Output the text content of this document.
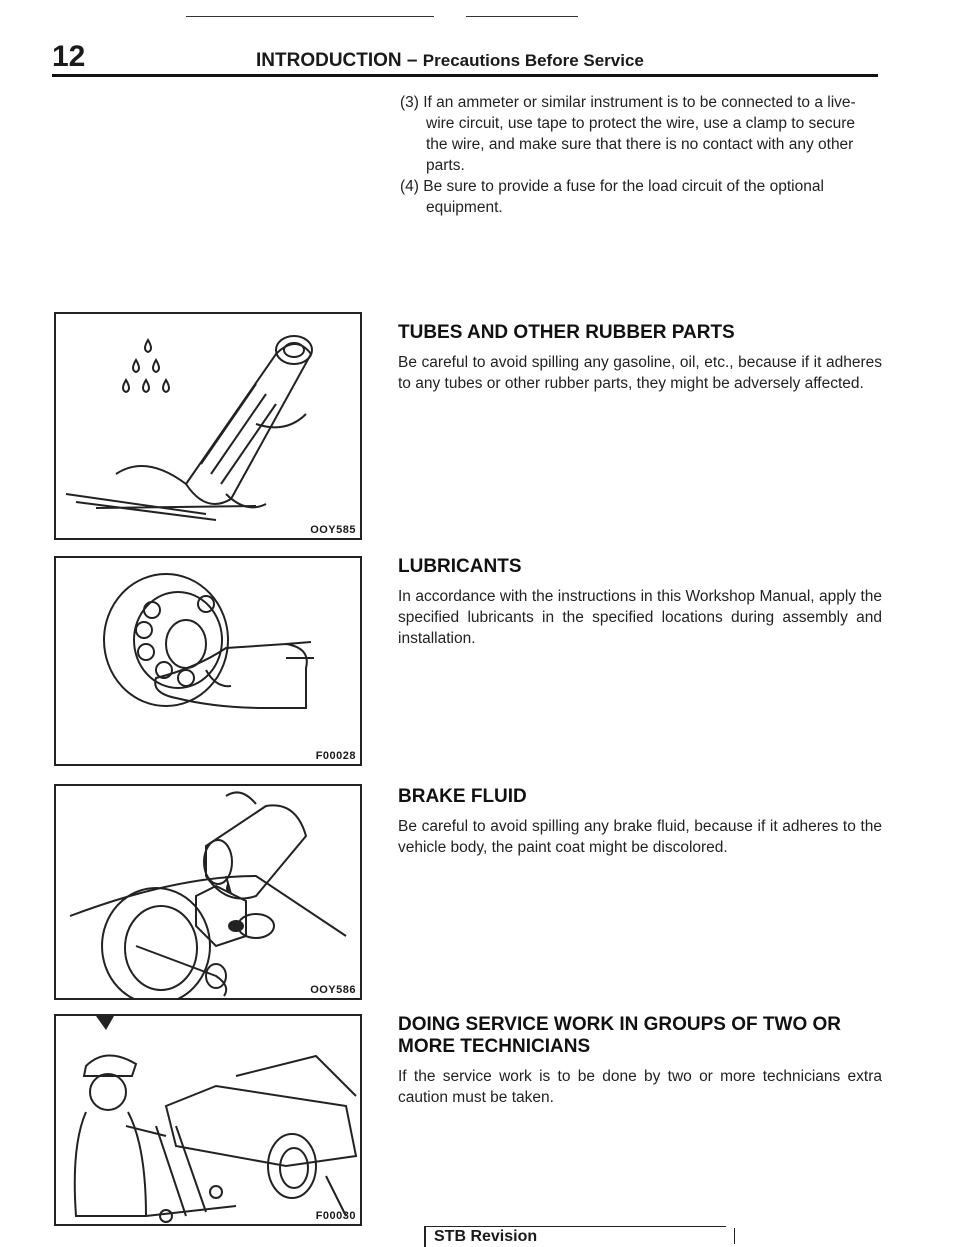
12	INTRODUCTION – Precautions Before Service

(3) If an ammeter or similar instrument is to be connected to a live-wire circuit, use tape to protect the wire, use a clamp to secure the wire, and make sure that there is no contact with any other parts.

(4) Be sure to provide a fuse for the load circuit of the optional equipment.

OOY585
F00028
OOY586
F00030
TUBES AND OTHER RUBBER PARTS

Be careful to avoid spilling any gasoline, oil, etc., because if it adheres to any tubes or other rubber parts, they might be adversely affected.

LUBRICANTS

In accordance with the instructions in this Workshop Manual, apply the specified lubricants in the specified locations during assembly and installation.

BRAKE FLUID

Be careful to avoid spilling any brake fluid, because if it adheres to the vehicle body, the paint coat might be discolored.

DOING SERVICE WORK IN GROUPS OF TWO OR MORE TECHNICIANS

If the service work is to be done by two or more technicians extra caution must be taken.

STB Revision
